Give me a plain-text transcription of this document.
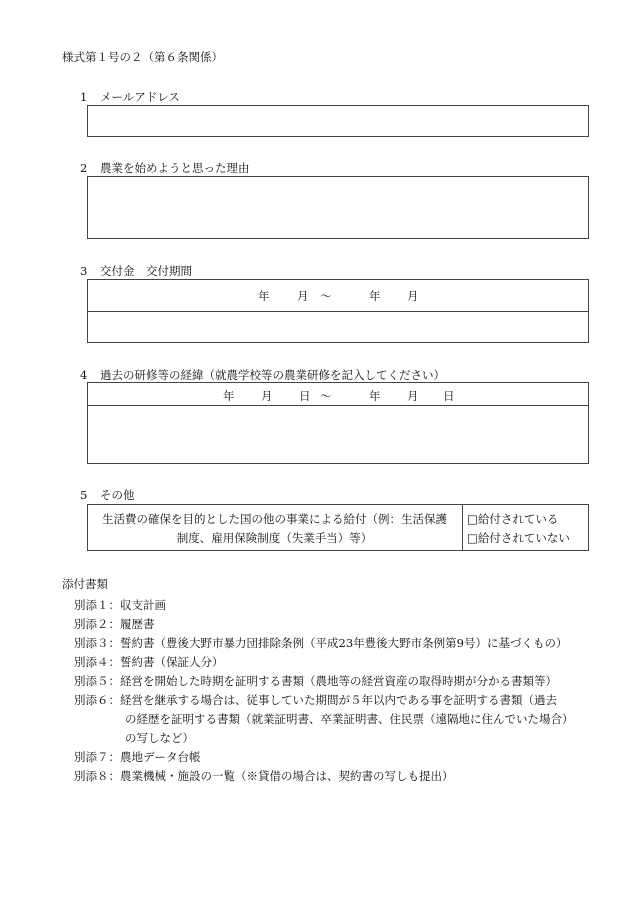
様式第１号の２（第６条関係）
1 メールアドレス
2 農業を始めようと思った理由
3 交付金　交付期間
年 月 ～	年 月
4 過去の研修等の経緯（就農学校等の農業研修を記入してください）
年 月 日 ～	年 月 日
5 その他
生活費の確保を目的とした国の他の事業による給付（例：生活保護
制度、雇用保険制度（失業手当）等）
□給付されている
□給付されていない
添付書類
別添１：収支計画
別添２：履歴書
別添３：誓約書（豊後大野市暴力団排除条例（平成23年豊後大野市条例第9号）に基づくもの）
別添４：誓約書（保証人分）
別添５：経営を開始した時期を証明する書類（農地等の経営資産の取得時期が分かる書類等）
別添６：経営を継承する場合は、従事していた期間が５年以内である事を証明する書類（過去
の経歴を証明する書類（就業証明書、卒業証明書、住民票（遠隔地に住んでいた場合）
の写しなど）
別添７：農地データ台帳
別添８：農業機械・施設の一覧（※貸借の場合は、契約書の写しも提出）
